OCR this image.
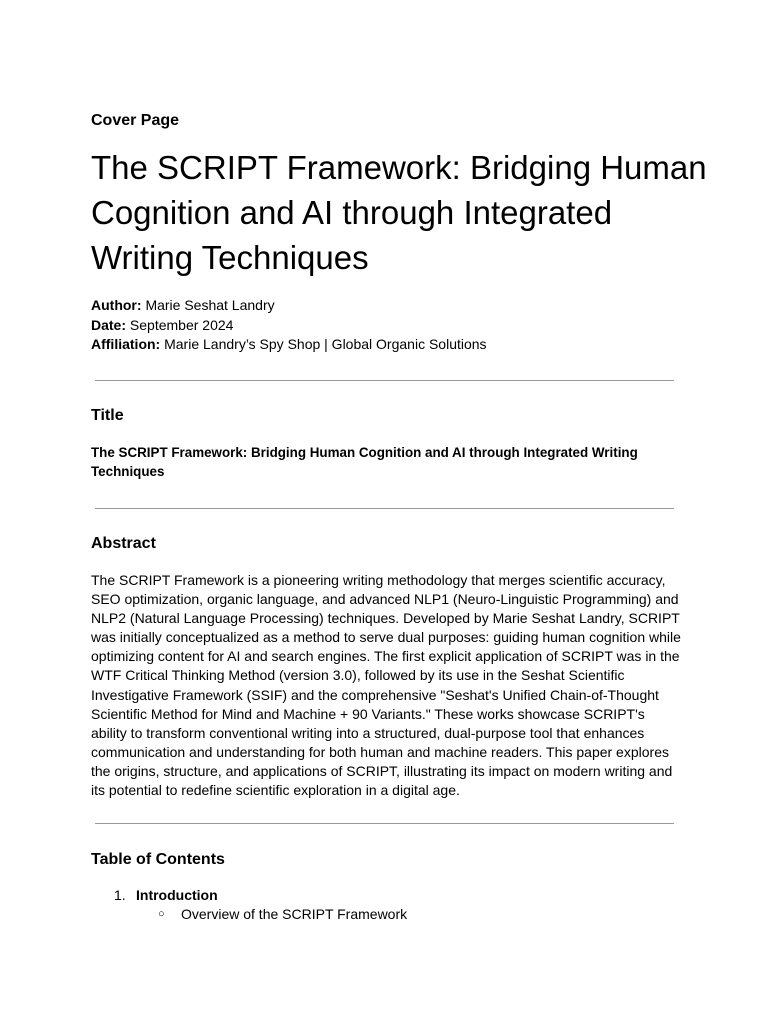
Cover Page
The SCRIPT Framework: Bridging Human Cognition and AI through Integrated Writing Techniques
Author: Marie Seshat Landry
Date: September 2024
Affiliation: Marie Landry’s Spy Shop | Global Organic Solutions
Title
The SCRIPT Framework: Bridging Human Cognition and AI through Integrated Writing Techniques
Abstract
The SCRIPT Framework is a pioneering writing methodology that merges scientific accuracy, SEO optimization, organic language, and advanced NLP1 (Neuro-Linguistic Programming) and NLP2 (Natural Language Processing) techniques. Developed by Marie Seshat Landry, SCRIPT was initially conceptualized as a method to serve dual purposes: guiding human cognition while optimizing content for AI and search engines. The first explicit application of SCRIPT was in the WTF Critical Thinking Method (version 3.0), followed by its use in the Seshat Scientific Investigative Framework (SSIF) and the comprehensive "Seshat's Unified Chain-of-Thought Scientific Method for Mind and Machine + 90 Variants." These works showcase SCRIPT's ability to transform conventional writing into a structured, dual-purpose tool that enhances communication and understanding for both human and machine readers. This paper explores the origins, structure, and applications of SCRIPT, illustrating its impact on modern writing and its potential to redefine scientific exploration in a digital age.
Table of Contents
1. Introduction
○ Overview of the SCRIPT Framework
